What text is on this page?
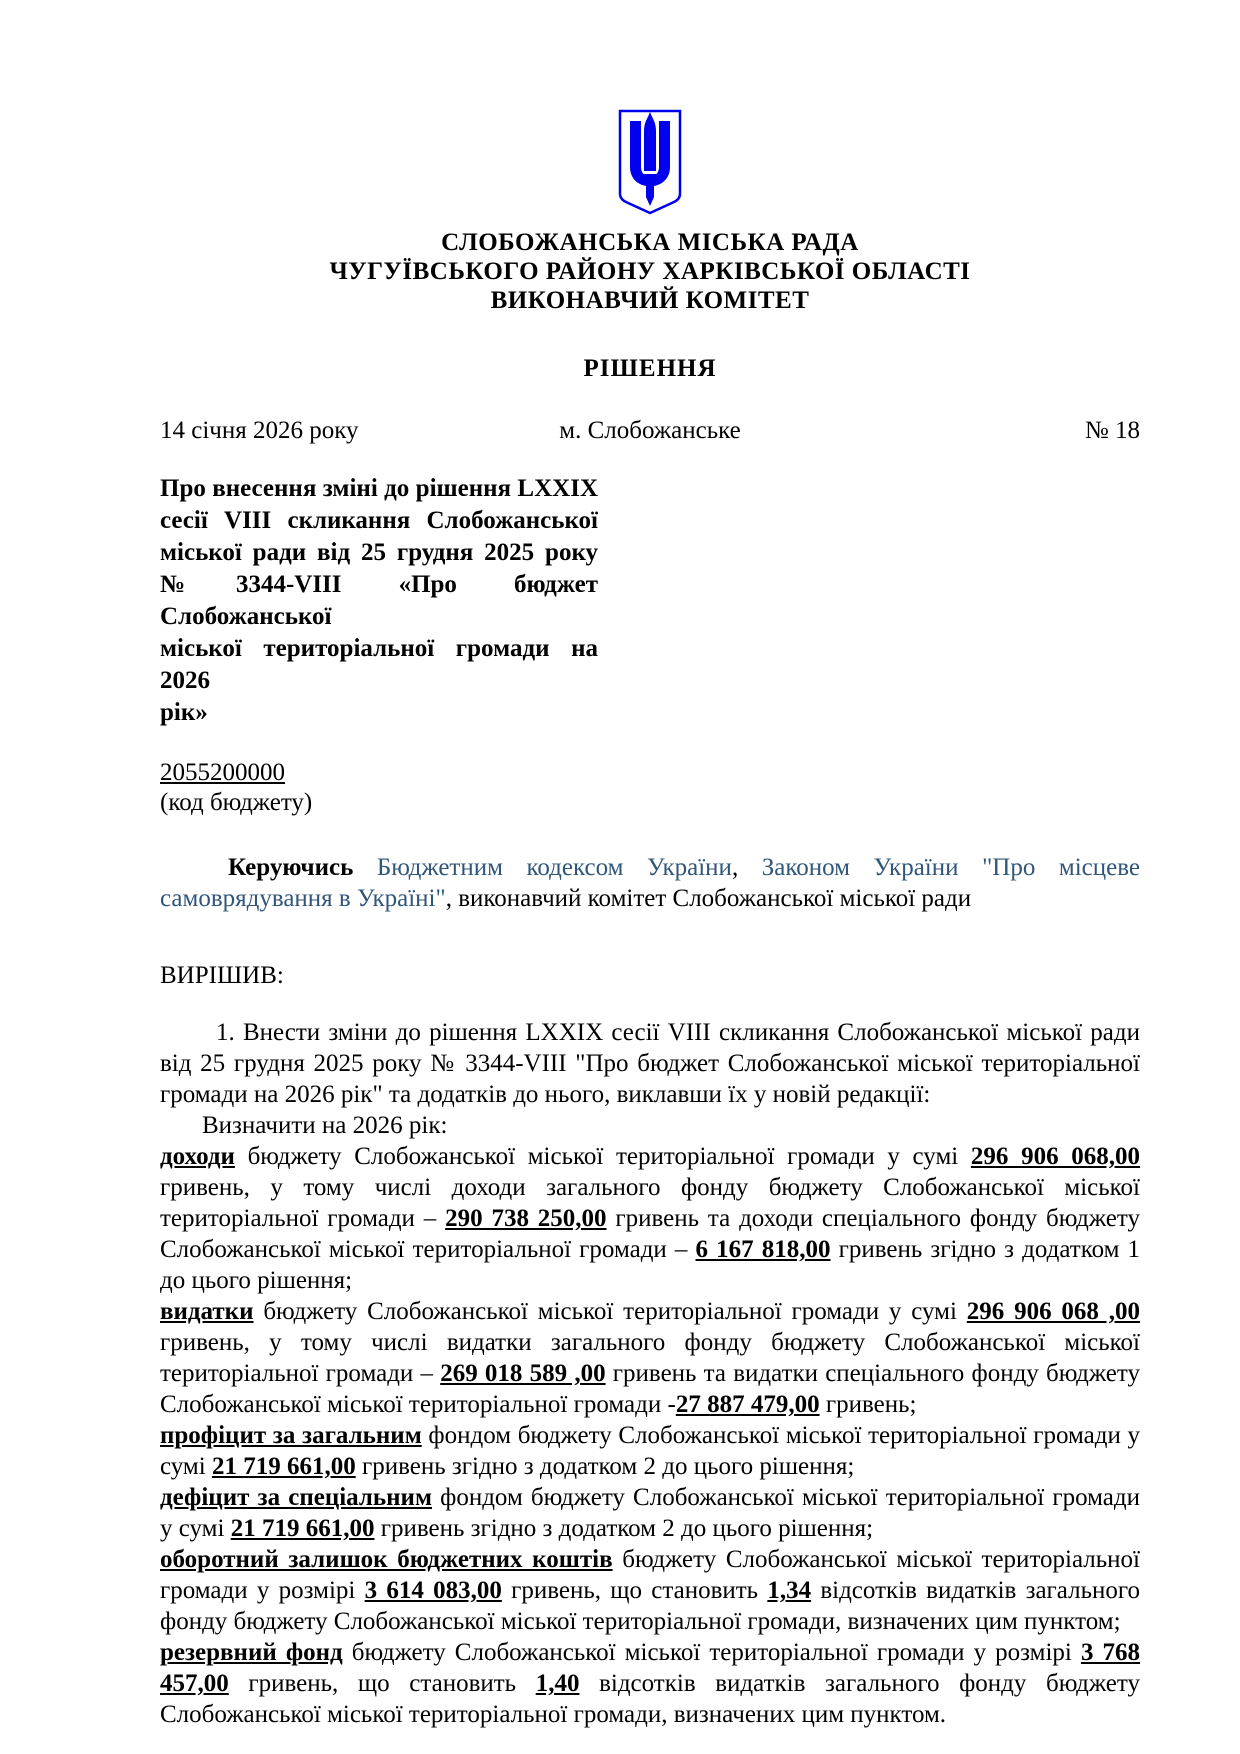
СЛОБОЖАНСЬКА МІСЬКА РАДА
ЧУГУЇВСЬКОГО РАЙОНУ ХАРКІВСЬКОЇ ОБЛАСТІ
ВИКОНАВЧИЙ КОМІТЕТ
РІШЕННЯ
14 січня 2026 року	м. Слобожанське	№ 18
Про внесення зміні до рішення LXXIX
сесії VIII скликання Слобожанської
міської ради від 25 грудня 2025 року
№3344-VIII «Про бюджет Слобожанської
міської територіальної громади на 2026
рік»
2055200000
(код бюджету)

Керуючись Бюджетним кодексом України, Законом України "Про місцеве самоврядування в Україні", виконавчий комітет Слобожанської міської ради

ВИРІШИВ:

1. Внести зміни до рішення LXXIX сесії VIII скликання Слобожанської міської ради від 25 грудня 2025 року № 3344-VIII "Про бюджет Слобожанської міської територіальної громади на 2026 рік" та додатків до нього, виклавши їх у новій редакції:

Визначити на 2026 рік:

доходи бюджету Слобожанської міської територіальної громади у сумі 296 906 068,00 гривень, у тому числі доходи загального фонду бюджету Слобожанської міської територіальної громади – 290 738 250,00 гривень та доходи спеціального фонду бюджету Слобожанської міської територіальної громади – 6 167 818,00 гривень згідно з додатком 1 до цього рішення;

видатки бюджету Слобожанської міської територіальної громади у сумі 296 906 068 ,00 гривень, у тому числі видатки загального фонду бюджету Слобожанської міської територіальної громади – 269 018 589 ,00 гривень та видатки спеціального фонду бюджету Слобожанської міської територіальної громади -27 887 479,00 гривень;

профіцит за загальним фондом бюджету Слобожанської міської територіальної громади у сумі 21 719 661,00 гривень згідно з додатком 2 до цього рішення;

дефіцит за спеціальним фондом бюджету Слобожанської міської територіальної громади у сумі 21 719 661,00 гривень згідно з додатком 2 до цього рішення;

оборотний залишок бюджетних коштів бюджету Слобожанської міської територіальної громади у розмірі 3 614 083,00 гривень, що становить 1,34 відсотків видатків загального фонду бюджету Слобожанської міської територіальної громади, визначених цим пунктом;

резервний фонд бюджету Слобожанської міської територіальної громади у розмірі 3 768 457,00 гривень, що становить 1,40 відсотків видатків загального фонду бюджету Слобожанської міської територіальної громади, визначених цим пунктом.
